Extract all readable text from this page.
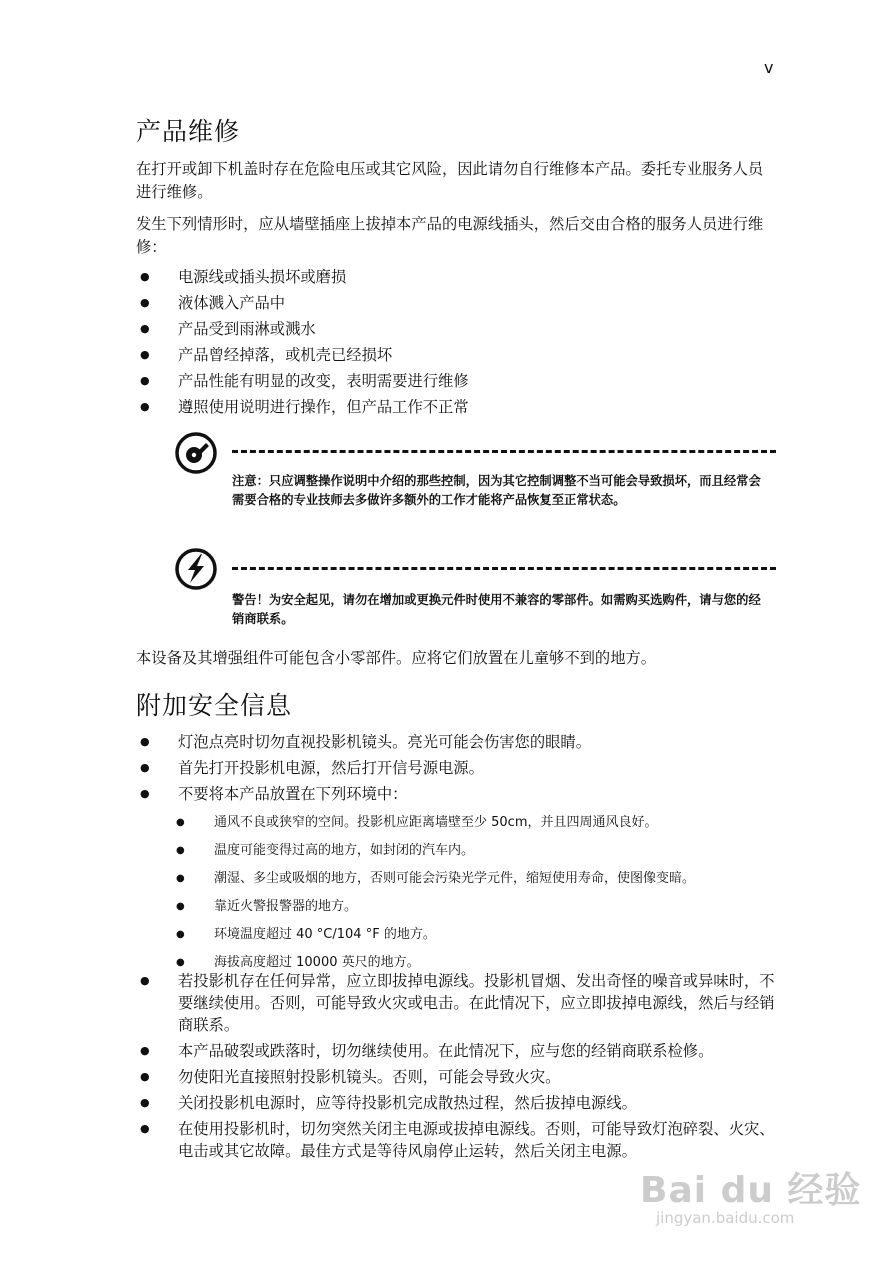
v
产品维修

在打开或卸下机盖时存在危险电压或其它风险，因此请勿自行维修本产品。委托专业服务人员进行维修。

发生下列情形时，应从墙壁插座上拔掉本产品的电源线插头，然后交由合格的服务人员进行维修：

● 电源线或插头损坏或磨损
● 液体溅入产品中
● 产品受到雨淋或溅水
● 产品曾经掉落，或机壳已经损坏
● 产品性能有明显的改变，表明需要进行维修
● 遵照使用说明进行操作，但产品工作不正常
注意：只应调整操作说明中介绍的那些控制，因为其它控制调整不当可能会导致损坏，而且经常会需要合格的专业技师去多做许多额外的工作才能将产品恢复至正常状态。
警告！为安全起见，请勿在增加或更换元件时使用不兼容的零部件。如需购买选购件，请与您的经销商联系。

本设备及其增强组件可能包含小零部件。应将它们放置在儿童够不到的地方。

附加安全信息
● 灯泡点亮时切勿直视投影机镜头。亮光可能会伤害您的眼睛。
● 首先打开投影机电源，然后打开信号源电源。
● 不要将本产品放置在下列环境中：
● 通风不良或狭窄的空间。投影机应距离墙壁至少 50cm，并且四周通风良好。
● 温度可能变得过高的地方，如封闭的汽车内。
● 潮湿、多尘或吸烟的地方，否则可能会污染光学元件，缩短使用寿命，使图像变暗。
● 靠近火警报警器的地方。
● 环境温度超过 40 °C/104 °F 的地方。
● 海拔高度超过 10000 英尺的地方。
● 若投影机存在任何异常，应立即拔掉电源线。投影机冒烟、发出奇怪的噪音或异味时，不要继续使用。否则，可能导致火灾或电击。在此情况下，应立即拔掉电源线，然后与经销商联系。
● 本产品破裂或跌落时，切勿继续使用。在此情况下，应与您的经销商联系检修。
● 勿使阳光直接照射投影机镜头。否则，可能会导致火灾。
● 关闭投影机电源时，应等待投影机完成散热过程，然后拔掉电源线。
● 在使用投影机时，切勿突然关闭主电源或拔掉电源线。否则，可能导致灯泡碎裂、火灾、电击或其它故障。最佳方式是等待风扇停止运转，然后关闭主电源。
Bai du 经验
jingyan.baidu.com
